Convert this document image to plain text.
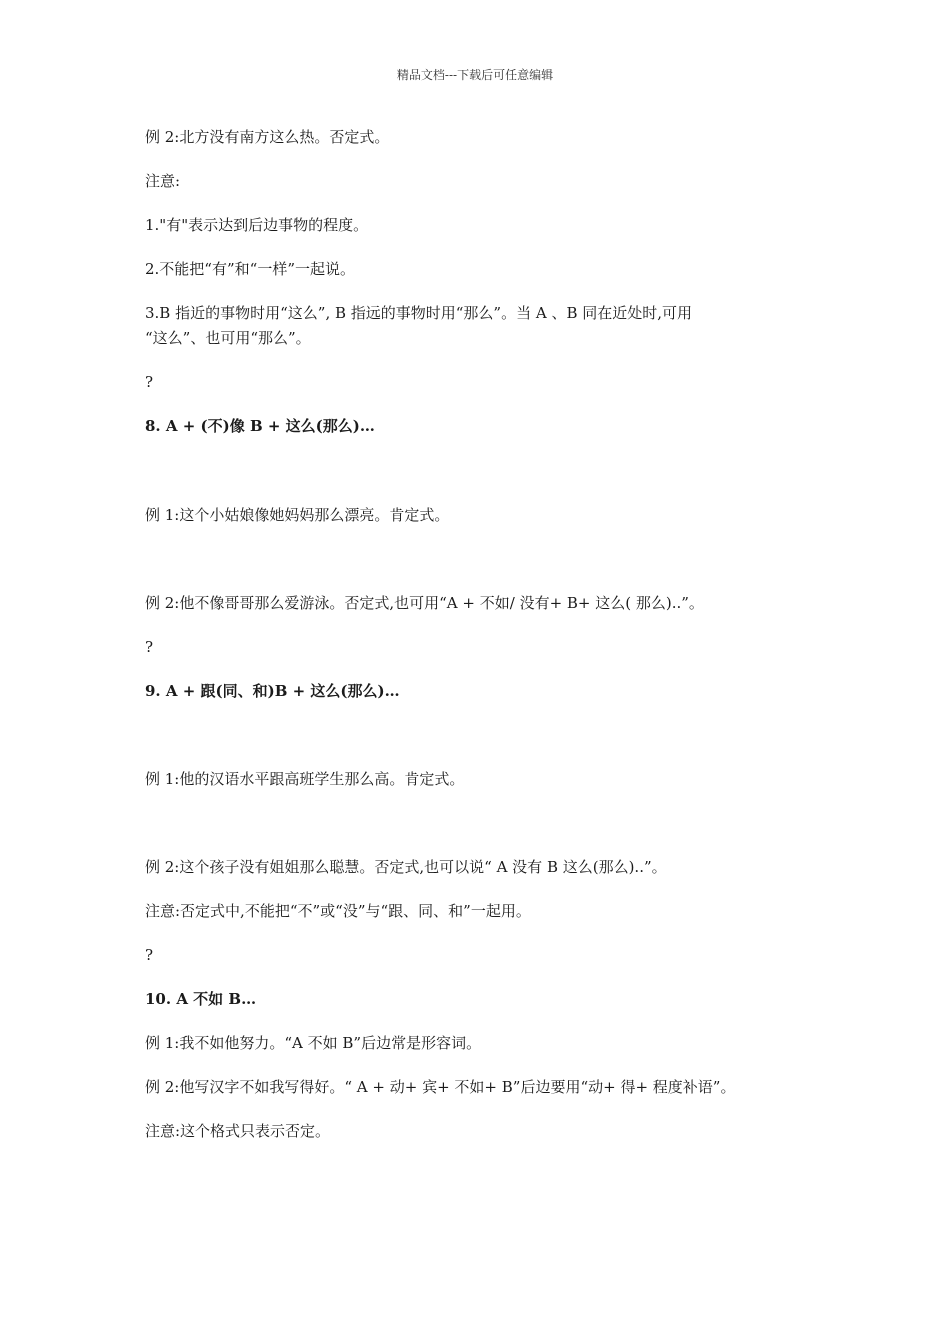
精品文档---下载后可任意编辑
例 2:北方没有南方这么热。否定式。
注意:
1."有"表示达到后边事物的程度。
2.不能把“有”和“一样”一起说。
3.B 指近的事物时用“这么”, B 指远的事物时用“那么”。当 A 、B 同在近处时,可用
“这么”、也可用“那么”。
?
8. A + (不)像 B + 这么(那么)…
例 1:这个小姑娘像她妈妈那么漂亮。肯定式。
例 2:他不像哥哥那么爱游泳。否定式,也可用“A + 不如/ 没有+ B+ 这么( 那么)..”。
?
9. A + 跟(同、和)B + 这么(那么)…
例 1:他的汉语水平跟高班学生那么高。肯定式。
例 2:这个孩子没有姐姐那么聪慧。否定式,也可以说“ A 没有 B 这么(那么)..”。
注意:否定式中,不能把“不”或“没”与“跟、同、和”一起用。
?
10. A 不如 B…
例 1:我不如他努力。“A 不如 B”后边常是形容词。
例 2:他写汉字不如我写得好。“ A + 动+ 宾+ 不如+ B”后边要用“动+ 得+ 程度补语”。
注意:这个格式只表示否定。
